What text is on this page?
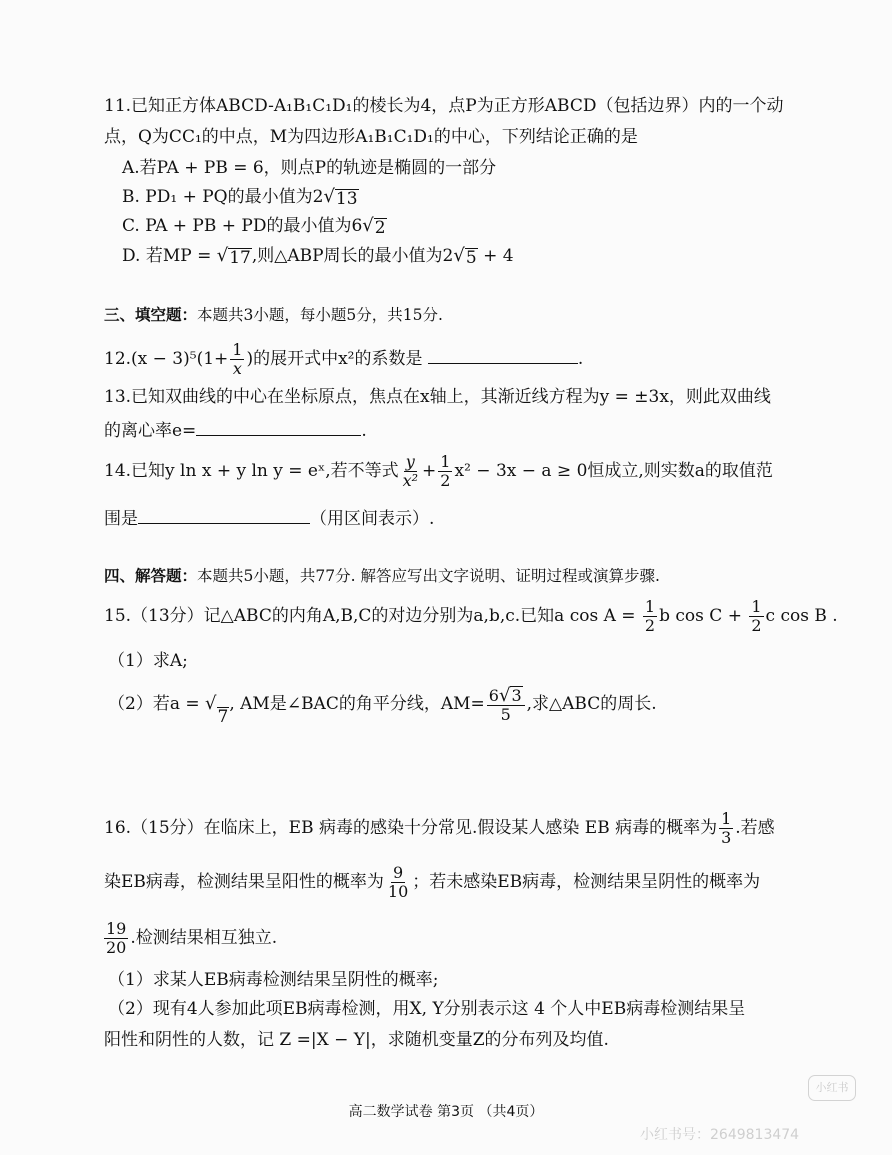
11.已知正方体ABCD-A₁B₁C₁D₁的棱长为4，点P为正方形ABCD（包括边界）内的一个动
点，Q为CC₁的中点，M为四边形A₁B₁C₁D₁的中心，下列结论正确的是
A.若PA + PB = 6，则点P的轨迹是椭圆的一部分
B. PD₁ + PQ的最小值为2 √ 13
C. PA + PB + PD的最小值为6 √ 2
D. 若MP = √ 17 ,则△ABP周长的最小值为2 √ 5 + 4
三、填空题：本题共3小题，每小题5分，共15分.
$12.(x - 3)^5(1+ \frac{1}{x}$ )的展开式中x²的系数是	.
13.已知双曲线的中心在坐标原点，焦点在x轴上，其渐近线方程为y = ±3x，则此双曲线
的离心率e=	.
14.已知y ln x + y ln y = eˣ,若不等式 $\frac{y}{\text{x²}} + \frac{1}{2} x^2 - 3x - a \ge 0$恒成立,则实数a的取值范
围是	（用区间表示）.
四、解答题：本题共5小题，共77分. 解答应写出文字说明、证明过程或演算步骤.
15.（13分）记△ABC的内角A,B,C的对边分别为a,b,c.已知a $\cos A = \frac{1}{2}$ b $\cos C + \frac{1}{2}$ c cos B .
（1）求A;
（2）若a = √
7
, AM是∠BAC的角平分线，$AM= \frac{6 √ 3}{5}$ ,求△ABC的周长.
16.（15分）在临床上，EB 病毒的感染十分常见.假设某人感染 EB 病毒的概率为 $\frac{1}{3}$ .若感
染EB病毒，检测结果呈阳性的概率为 $\frac{9}{10}$ ；若未感染EB病毒，检测结果呈阴性的概率为
$\frac{19}{20}$ .检测结果相互独立.
（1）求某人EB病毒检测结果呈阴性的概率;
（2）现有4人参加此项EB病毒检测，用X, Y分别表示这 4 个人中EB病毒检测结果呈
阳性和阴性的人数，记 Z =|X − Y|，求随机变量Z的分布列及均值.
高二数学试卷 第3页 （共4页）
小红书
小红书号：2649813474
